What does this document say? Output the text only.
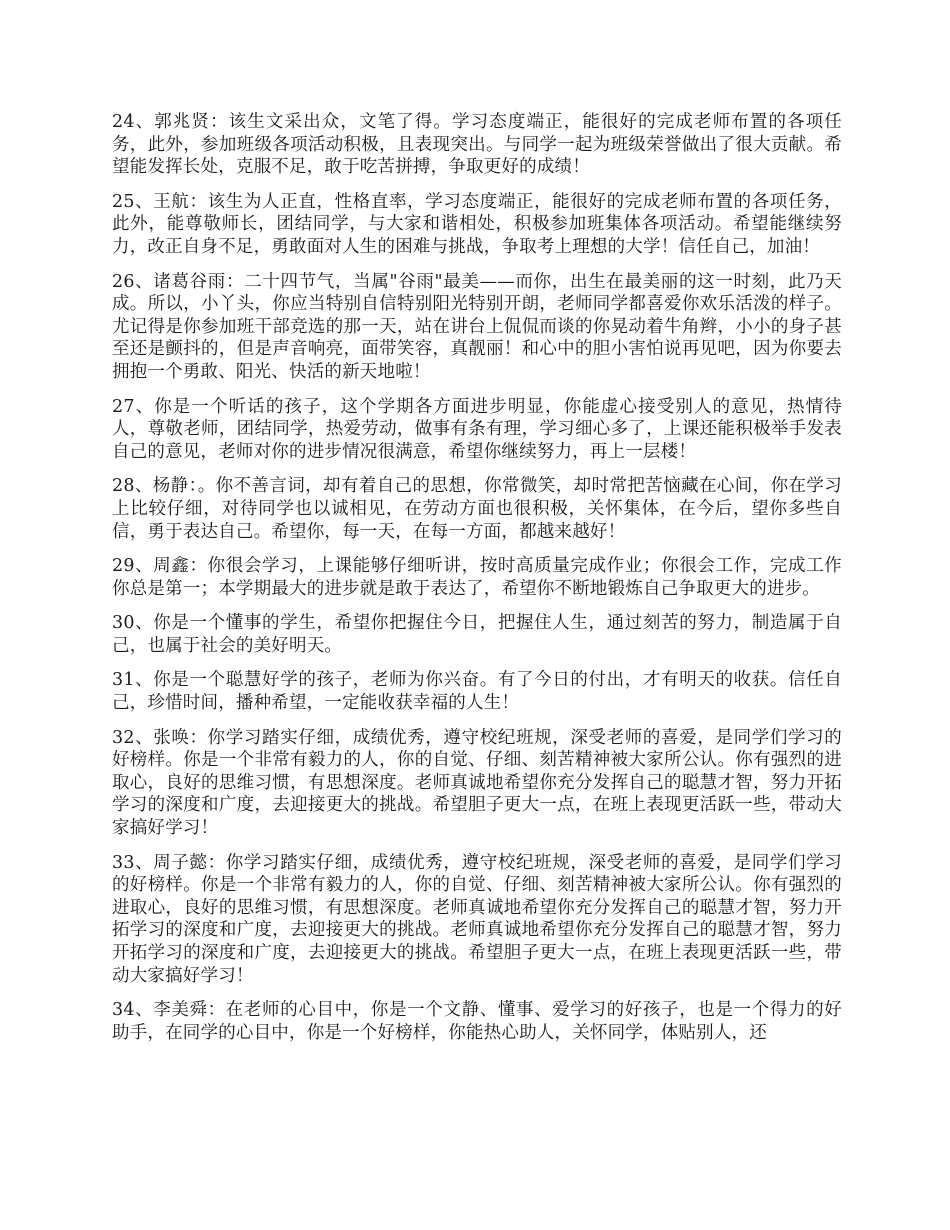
24、郭兆贤：该生文采出众，文笔了得。学习态度端正，能很好的完成老师布置的各项任务，此外，参加班级各项活动积极，且表现突出。与同学一起为班级荣誉做出了很大贡献。希望能发挥长处，克服不足，敢于吃苦拼搏，争取更好的成绩！

25、王航：该生为人正直，性格直率，学习态度端正，能很好的完成老师布置的各项任务，此外，能尊敬师长，团结同学，与大家和谐相处，积极参加班集体各项活动。希望能继续努力，改正自身不足，勇敢面对人生的困难与挑战，争取考上理想的大学！信任自己，加油！

26、诸葛谷雨：二十四节气，当属"谷雨"最美——而你，出生在最美丽的这一时刻，此乃天成。所以，小丫头，你应当特别自信特别阳光特别开朗，老师同学都喜爱你欢乐活泼的样子。尤记得是你参加班干部竞选的那一天，站在讲台上侃侃而谈的你晃动着牛角辫，小小的身子甚至还是颤抖的，但是声音响亮，面带笑容，真靓丽！和心中的胆小害怕说再见吧，因为你要去拥抱一个勇敢、阳光、快活的新天地啦！

27、你是一个听话的孩子，这个学期各方面进步明显，你能虚心接受别人的意见，热情待人，尊敬老师，团结同学，热爱劳动，做事有条有理，学习细心多了，上课还能积极举手发表自己的意见，老师对你的进步情况很满意，希望你继续努力，再上一层楼！

28、杨静：。你不善言词，却有着自己的思想，你常微笑，却时常把苦恼藏在心间，你在学习上比较仔细，对待同学也以诚相见，在劳动方面也很积极，关怀集体，在今后，望你多些自信，勇于表达自己。希望你，每一天，在每一方面，都越来越好！

29、周鑫：你很会学习，上课能够仔细听讲，按时高质量完成作业；你很会工作，完成工作你总是第一；本学期最大的进步就是敢于表达了，希望你不断地锻炼自己争取更大的进步。

30、你是一个懂事的学生，希望你把握住今日，把握住人生，通过刻苦的努力，制造属于自己，也属于社会的美好明天。

31、你是一个聪慧好学的孩子，老师为你兴奋。有了今日的付出，才有明天的收获。信任自己，珍惜时间，播种希望，一定能收获幸福的人生！

32、张唤：你学习踏实仔细，成绩优秀，遵守校纪班规，深受老师的喜爱，是同学们学习的好榜样。你是一个非常有毅力的人，你的自觉、仔细、刻苦精神被大家所公认。你有强烈的进取心，良好的思维习惯，有思想深度。老师真诚地希望你充分发挥自己的聪慧才智，努力开拓学习的深度和广度，去迎接更大的挑战。希望胆子更大一点，在班上表现更活跃一些，带动大家搞好学习！

33、周子懿：你学习踏实仔细，成绩优秀，遵守校纪班规，深受老师的喜爱，是同学们学习的好榜样。你是一个非常有毅力的人，你的自觉、仔细、刻苦精神被大家所公认。你有强烈的进取心，良好的思维习惯，有思想深度。老师真诚地希望你充分发挥自己的聪慧才智，努力开拓学习的深度和广度，去迎接更大的挑战。老师真诚地希望你充分发挥自己的聪慧才智，努力开拓学习的深度和广度，去迎接更大的挑战。希望胆子更大一点，在班上表现更活跃一些，带动大家搞好学习！

34、李美舜：在老师的心目中，你是一个文静、懂事、爱学习的好孩子，也是一个得力的好助手，在同学的心目中，你是一个好榜样，你能热心助人，关怀同学，体贴别人，还
